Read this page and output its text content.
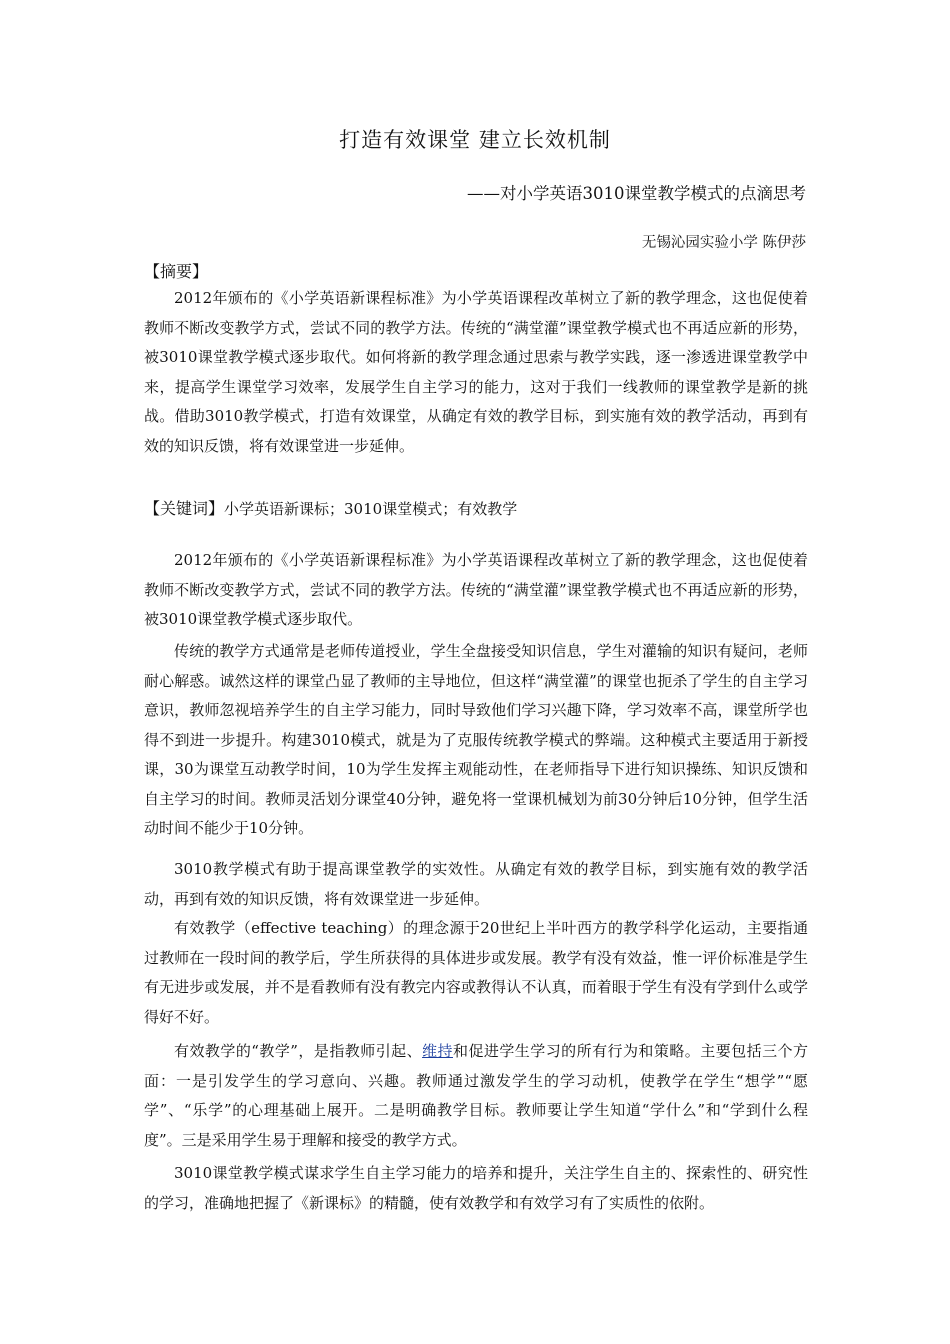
打造有效课堂 建立长效机制
——对小学英语3010课堂教学模式的点滴思考
无锡沁园实验小学 陈伊莎
【摘要】

2012年颁布的《小学英语新课程标准》为小学英语课程改革树立了新的教学理念，这也促使着教师不断改变教学方式，尝试不同的教学方法。传统的“满堂灌”课堂教学模式也不再适应新的形势，被3010课堂教学模式逐步取代。如何将新的教学理念通过思索与教学实践，逐一渗透进课堂教学中来，提高学生课堂学习效率，发展学生自主学习的能力，这对于我们一线教师的课堂教学是新的挑战。借助3010教学模式，打造有效课堂，从确定有效的教学目标，到实施有效的教学活动，再到有效的知识反馈，将有效课堂进一步延伸。

【关键词】小学英语新课标；3010课堂模式；有效教学

2012年颁布的《小学英语新课程标准》为小学英语课程改革树立了新的教学理念，这也促使着教师不断改变教学方式，尝试不同的教学方法。传统的“满堂灌”课堂教学模式也不再适应新的形势，被3010课堂教学模式逐步取代。

传统的教学方式通常是老师传道授业，学生全盘接受知识信息，学生对灌输的知识有疑问，老师耐心解惑。诚然这样的课堂凸显了教师的主导地位，但这样“满堂灌”的课堂也扼杀了学生的自主学习意识，教师忽视培养学生的自主学习能力，同时导致他们学习兴趣下降，学习效率不高，课堂所学也得不到进一步提升。构建3010模式，就是为了克服传统教学模式的弊端。这种模式主要适用于新授课，30为课堂互动教学时间，10为学生发挥主观能动性，在老师指导下进行知识操练、知识反馈和自主学习的时间。教师灵活划分课堂40分钟，避免将一堂课机械划为前30分钟后10分钟，但学生活动时间不能少于10分钟。

3010教学模式有助于提高课堂教学的实效性。从确定有效的教学目标，到实施有效的教学活动，再到有效的知识反馈，将有效课堂进一步延伸。

有效教学（effective teaching）的理念源于20世纪上半叶西方的教学科学化运动，主要指通过教师在一段时间的教学后，学生所获得的具体进步或发展。教学有没有效益，惟一评价标准是学生有无进步或发展，并不是看教师有没有教完内容或教得认不认真，而着眼于学生有没有学到什么或学得好不好。

有效教学的“教学”，是指教师引起、维持和促进学生学习的所有行为和策略。主要包括三个方面：一是引发学生的学习意向、兴趣。教师通过激发学生的学习动机，使教学在学生“想学”“愿学”、“乐学”的心理基础上展开。二是明确教学目标。教师要让学生知道“学什么”和“学到什么程度”。三是采用学生易于理解和接受的教学方式。

3010课堂教学模式谋求学生自主学习能力的培养和提升，关注学生自主的、探索性的、研究性的学习，准确地把握了《新课标》的精髓，使有效教学和有效学习有了实质性的依附。
